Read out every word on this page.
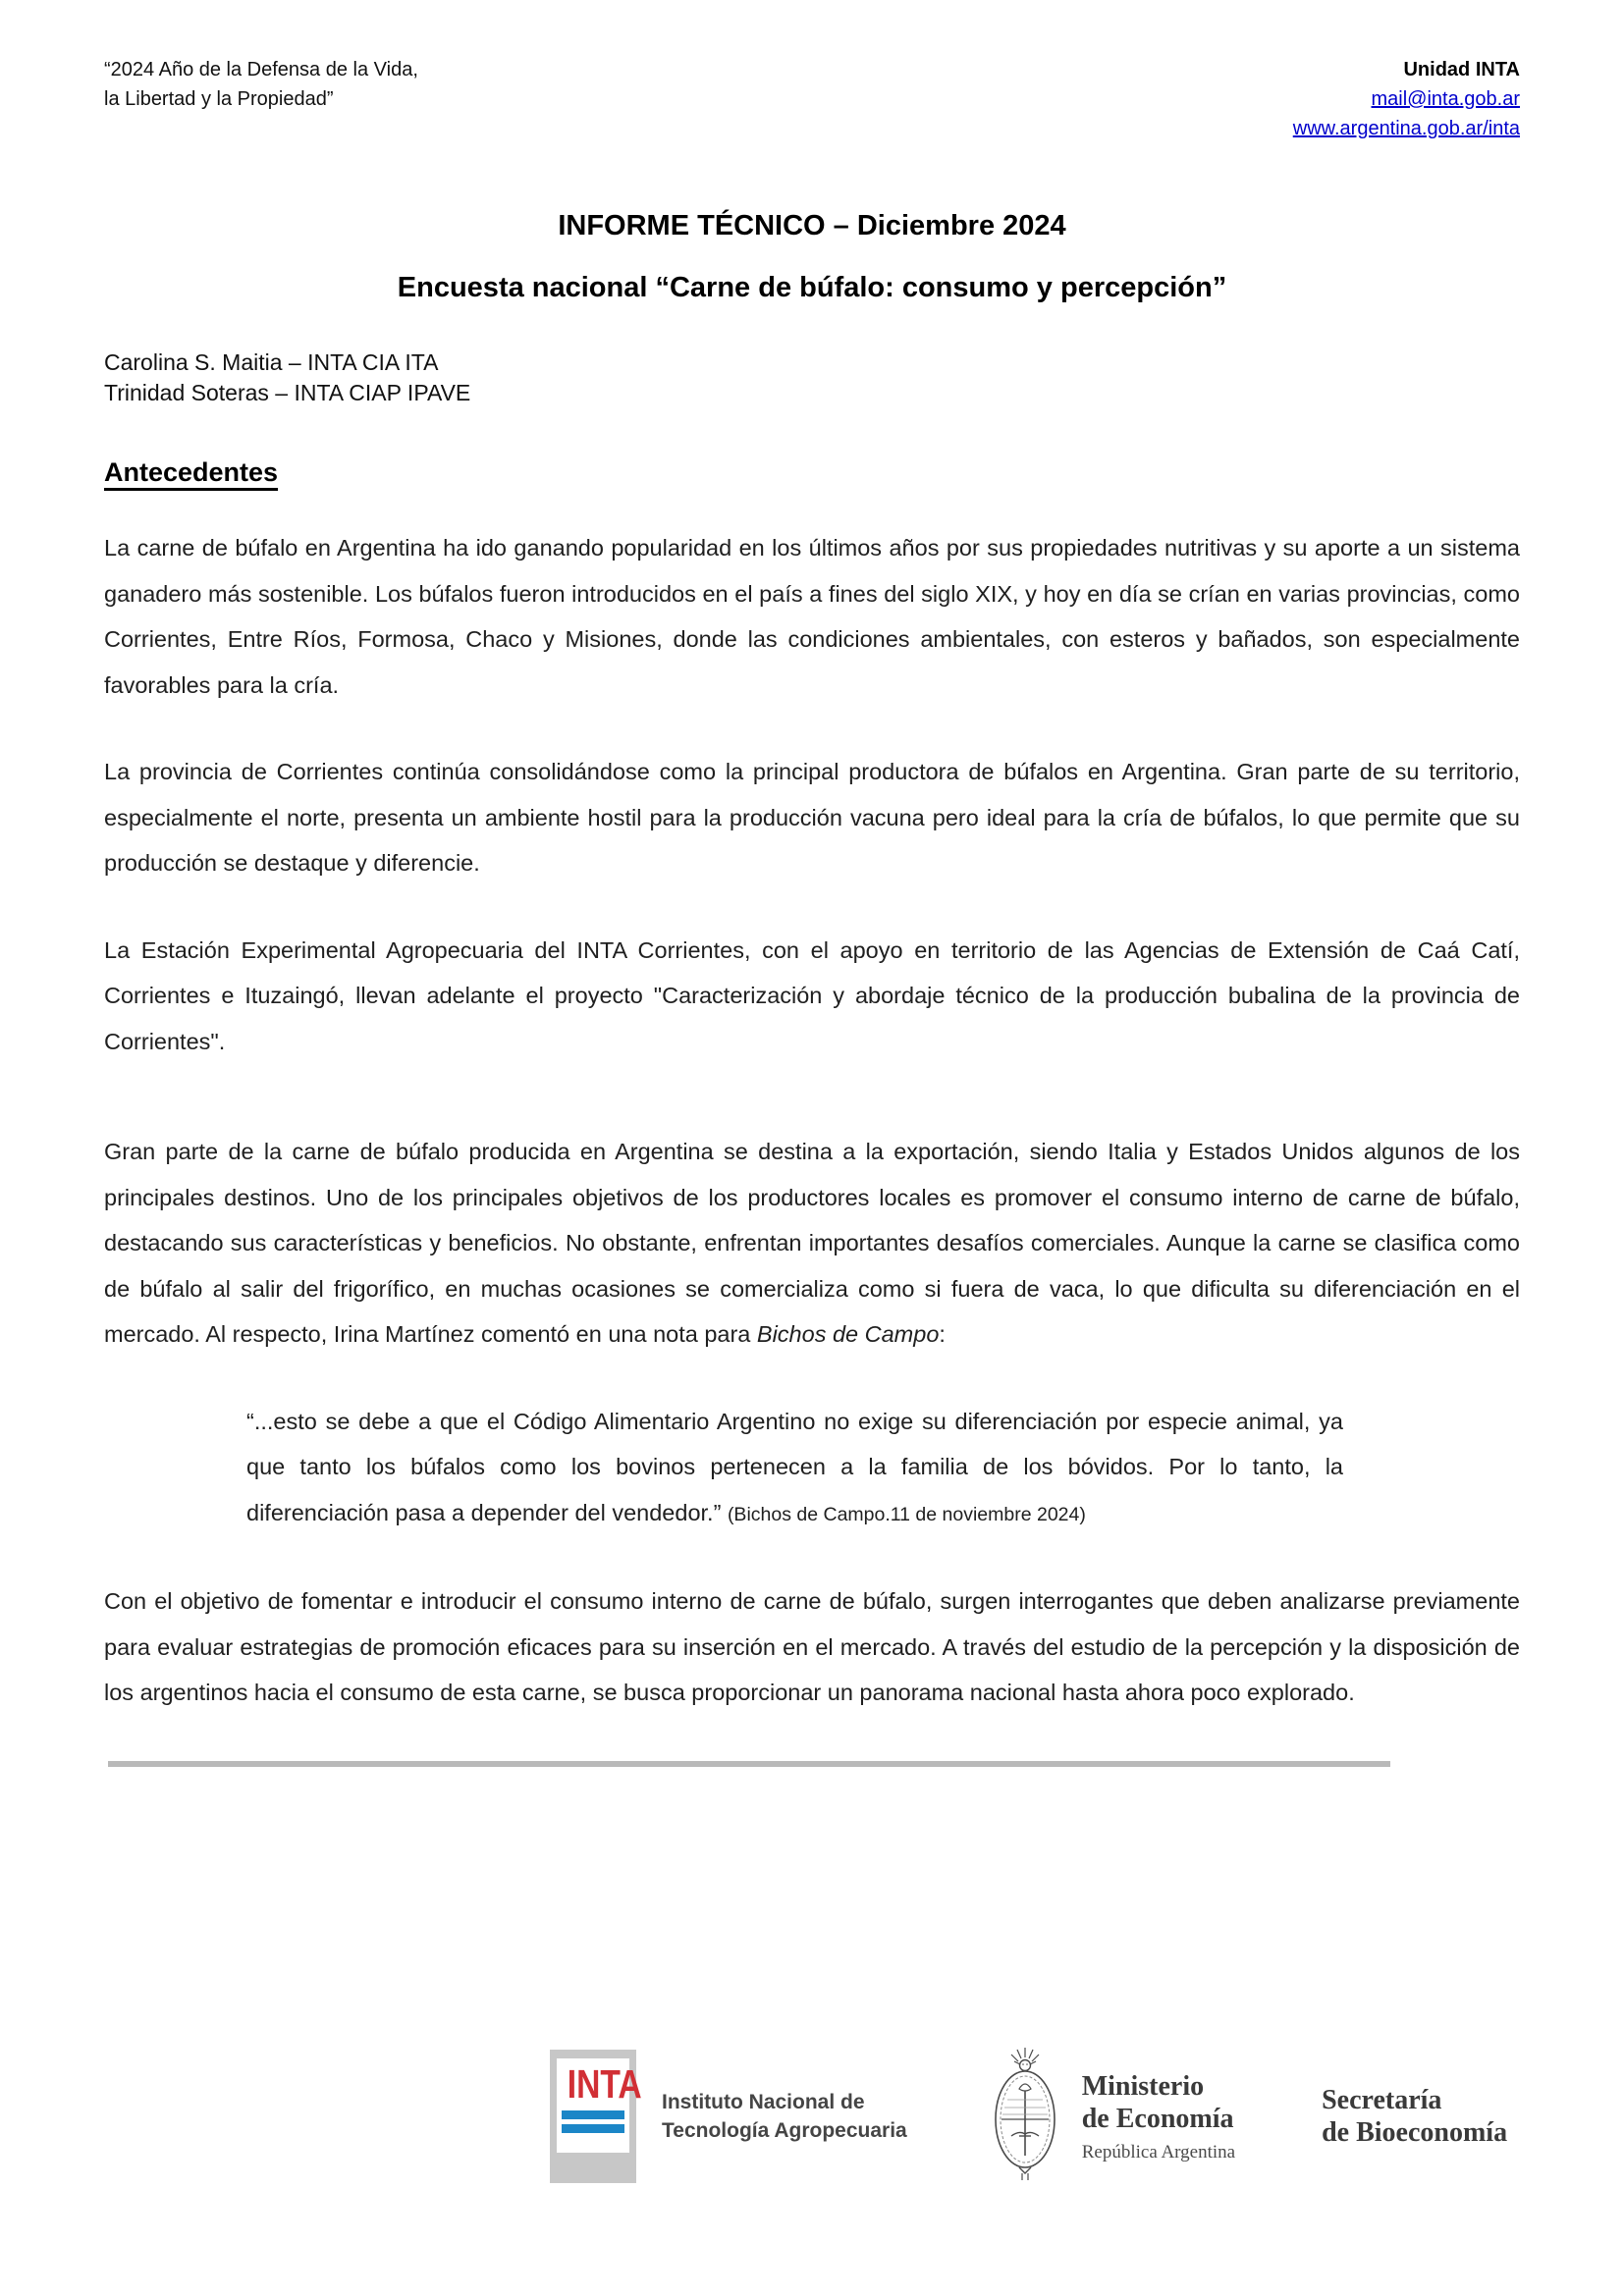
“2024 Año de la Defensa de la Vida,
la Libertad y la Propiedad”
Unidad INTA
mail@inta.gob.ar
www.argentina.gob.ar/inta
INFORME TÉCNICO – Diciembre 2024
Encuesta nacional “Carne de búfalo: consumo y percepción”
Carolina S. Maitia – INTA CIA ITA
Trinidad Soteras – INTA CIAP IPAVE
Antecedentes

La carne de búfalo en Argentina ha ido ganando popularidad en los últimos años por sus propiedades nutritivas y su aporte a un sistema ganadero más sostenible. Los búfalos fueron introducidos en el país a fines del siglo XIX, y hoy en día se crían en varias provincias, como Corrientes, Entre Ríos, Formosa, Chaco y Misiones, donde las condiciones ambientales, con esteros y bañados, son especialmente favorables para la cría.

La provincia de Corrientes continúa consolidándose como la principal productora de búfalos en Argentina. Gran parte de su territorio, especialmente el norte, presenta un ambiente hostil para la producción vacuna pero ideal para la cría de búfalos, lo que permite que su producción se destaque y diferencie.

La Estación Experimental Agropecuaria del INTA Corrientes, con el apoyo en territorio de las Agencias de Extensión de Caá Catí, Corrientes e Ituzaingó, llevan adelante el proyecto "Caracterización y abordaje técnico de la producción bubalina de la provincia de Corrientes".

Gran parte de la carne de búfalo producida en Argentina se destina a la exportación, siendo Italia y Estados Unidos algunos de los principales destinos. Uno de los principales objetivos de los productores locales es promover el consumo interno de carne de búfalo, destacando sus características y beneficios. No obstante, enfrentan importantes desafíos comerciales. Aunque la carne se clasifica como de búfalo al salir del frigorífico, en muchas ocasiones se comercializa como si fuera de vaca, lo que dificulta su diferenciación en el mercado. Al respecto, Irina Martínez comentó en una nota para Bichos de Campo:

“...esto se debe a que el Código Alimentario Argentino no exige su diferenciación por especie animal, ya que tanto los búfalos como los bovinos pertenecen a la familia de los bóvidos. Por lo tanto, la diferenciación pasa a depender del vendedor.” (Bichos de Campo.11 de noviembre 2024)

Con el objetivo de fomentar e introducir el consumo interno de carne de búfalo, surgen interrogantes que deben analizarse previamente para evaluar estrategias de promoción eficaces para su inserción en el mercado. A través del estudio de la percepción y la disposición de los argentinos hacia el consumo de esta carne, se busca proporcionar un panorama nacional hasta ahora poco explorado.

INTA Instituto Nacional de
Tecnología Agropecuaria
Ministerio
de Economía
República Argentina
Secretaría
de Bioeconomía
